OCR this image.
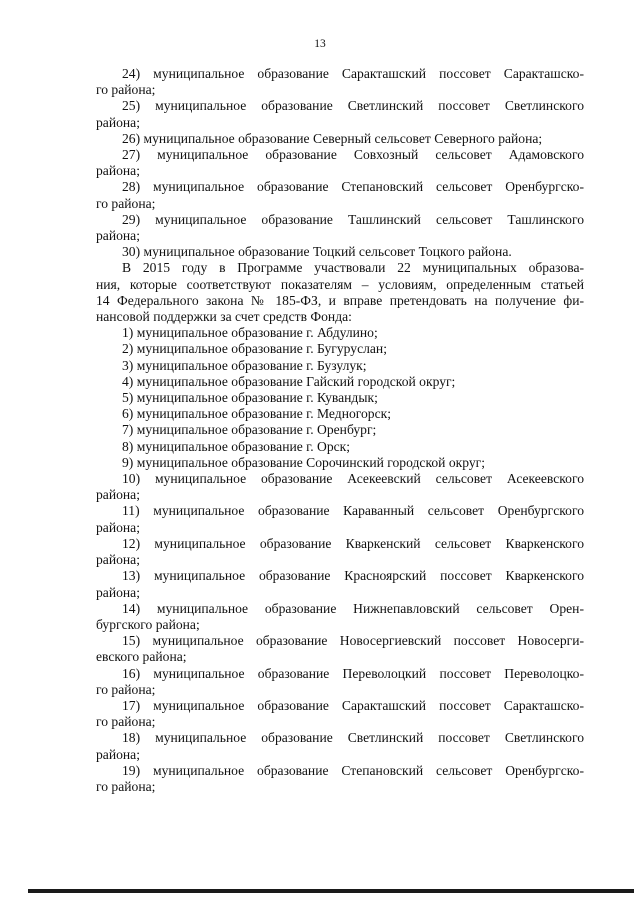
13
24) муниципальное образование Саракташский поссовет Саракташско-
го района;
25) муниципальное образование Светлинский поссовет Светлинского
района;
26) муниципальное образование Северный сельсовет Северного района;
27) муниципальное образование Совхозный сельсовет Адамовского
района;
28) муниципальное образование Степановский сельсовет Оренбургско-
го района;
29) муниципальное образование Ташлинский сельсовет Ташлинского
района;
30) муниципальное образование Тоцкий сельсовет Тоцкого района.
В 2015 году в Программе участвовали 22 муниципальных образова-
ния, которые соответствуют показателям – условиям, определенным статьей
14 Федерального закона № 185-ФЗ, и вправе претендовать на получение фи-
нансовой поддержки за счет средств Фонда:
1) муниципальное образование г. Абдулино;
2) муниципальное образование г. Бугуруслан;
3) муниципальное образование г. Бузулук;
4) муниципальное образование Гайский городской округ;
5) муниципальное образование г. Кувандык;
6) муниципальное образование г. Медногорск;
7) муниципальное образование г. Оренбург;
8) муниципальное образование г. Орск;
9) муниципальное образование Сорочинский городской округ;
10) муниципальное образование Асекеевский сельсовет Асекеевского
района;
11) муниципальное образование Караванный сельсовет Оренбургского
района;
12) муниципальное образование Кваркенский сельсовет Кваркенского
района;
13) муниципальное образование Красноярский поссовет Кваркенского
района;
14) муниципальное образование Нижнепавловский сельсовет Орен-
бургского района;
15) муниципальное образование Новосергиевский поссовет Новосерги-
евского района;
16) муниципальное образование Переволоцкий поссовет Переволоцко-
го района;
17) муниципальное образование Саракташский поссовет Саракташско-
го района;
18) муниципальное образование Светлинский поссовет Светлинского
района;
19) муниципальное образование Степановский сельсовет Оренбургско-
го района;
